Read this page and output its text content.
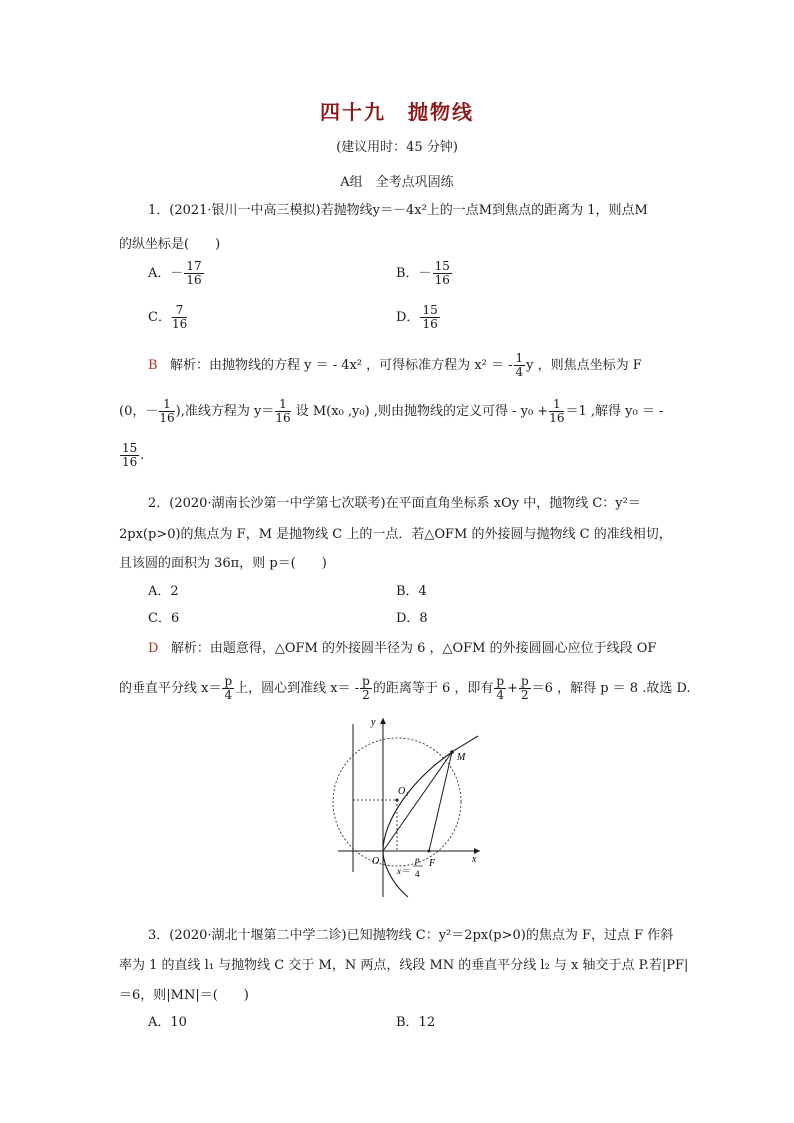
四十九　抛物线
(建议用时：45 分钟)
A组　全考点巩固练
1．(2021·银川一中高三模拟)若抛物线y＝－4x²上的一点M到焦点的距离为 1，则点M
的纵坐标是(　　)
A．－ $\frac{17}{16}$	B．－ $\frac{15}{16}$
C． $\frac{7}{16}$	D． $\frac{15}{16}$
B 解析：由抛物线的方程 y ＝ - 4x² ，可得标准方程为 x² ＝ - $\frac{1}{4}$ y ，则焦点坐标为 F
(0，－ $\frac{1}{16}$ ),准线方程为 $y= \frac{1}{16}$ 设 M(x₀ ,y₀) ,则由抛物线的定义可得 - $y_0 + \frac{1}{16} =1$ ,解得 y₀ ＝ -
$\frac{15}{16}$ .
2．(2020·湖南长沙第一中学第七次联考)在平面直角坐标系 xOy 中，抛物线 C：y²＝
2px(p>0)的焦点为 F，M 是抛物线 C 上的一点．若△OFM 的外接圆与抛物线 C 的准线相切，
且该圆的面积为 36π，则 p＝(　　)
A．2	B．4
C．6	D．8
D 解析：由题意得，△OFM 的外接圆半径为 6 ，△OFM 的外接圆圆心应位于线段 OF
的垂直平分线 $x= \frac{p}{4}$ 上，圆心到准线 $x= - \frac{p}{2}$ 的距离等于 6 ，即有 $\frac{p}{4} + \frac{p}{2} =6$ ，解得 p ＝ 8 .故选 D.
y
x
O
O₁
M
F
x＝
p
4
3．(2020·湖北十堰第二中学二诊)已知抛物线 C：y²＝2px(p>0)的焦点为 F，过点 F 作斜
率为 1 的直线 l₁ 与抛物线 C 交于 M，N 两点，线段 MN 的垂直平分线 l₂ 与 x 轴交于点 P.若|PF|
＝6，则|MN|＝(　　)
A．10	B．12
